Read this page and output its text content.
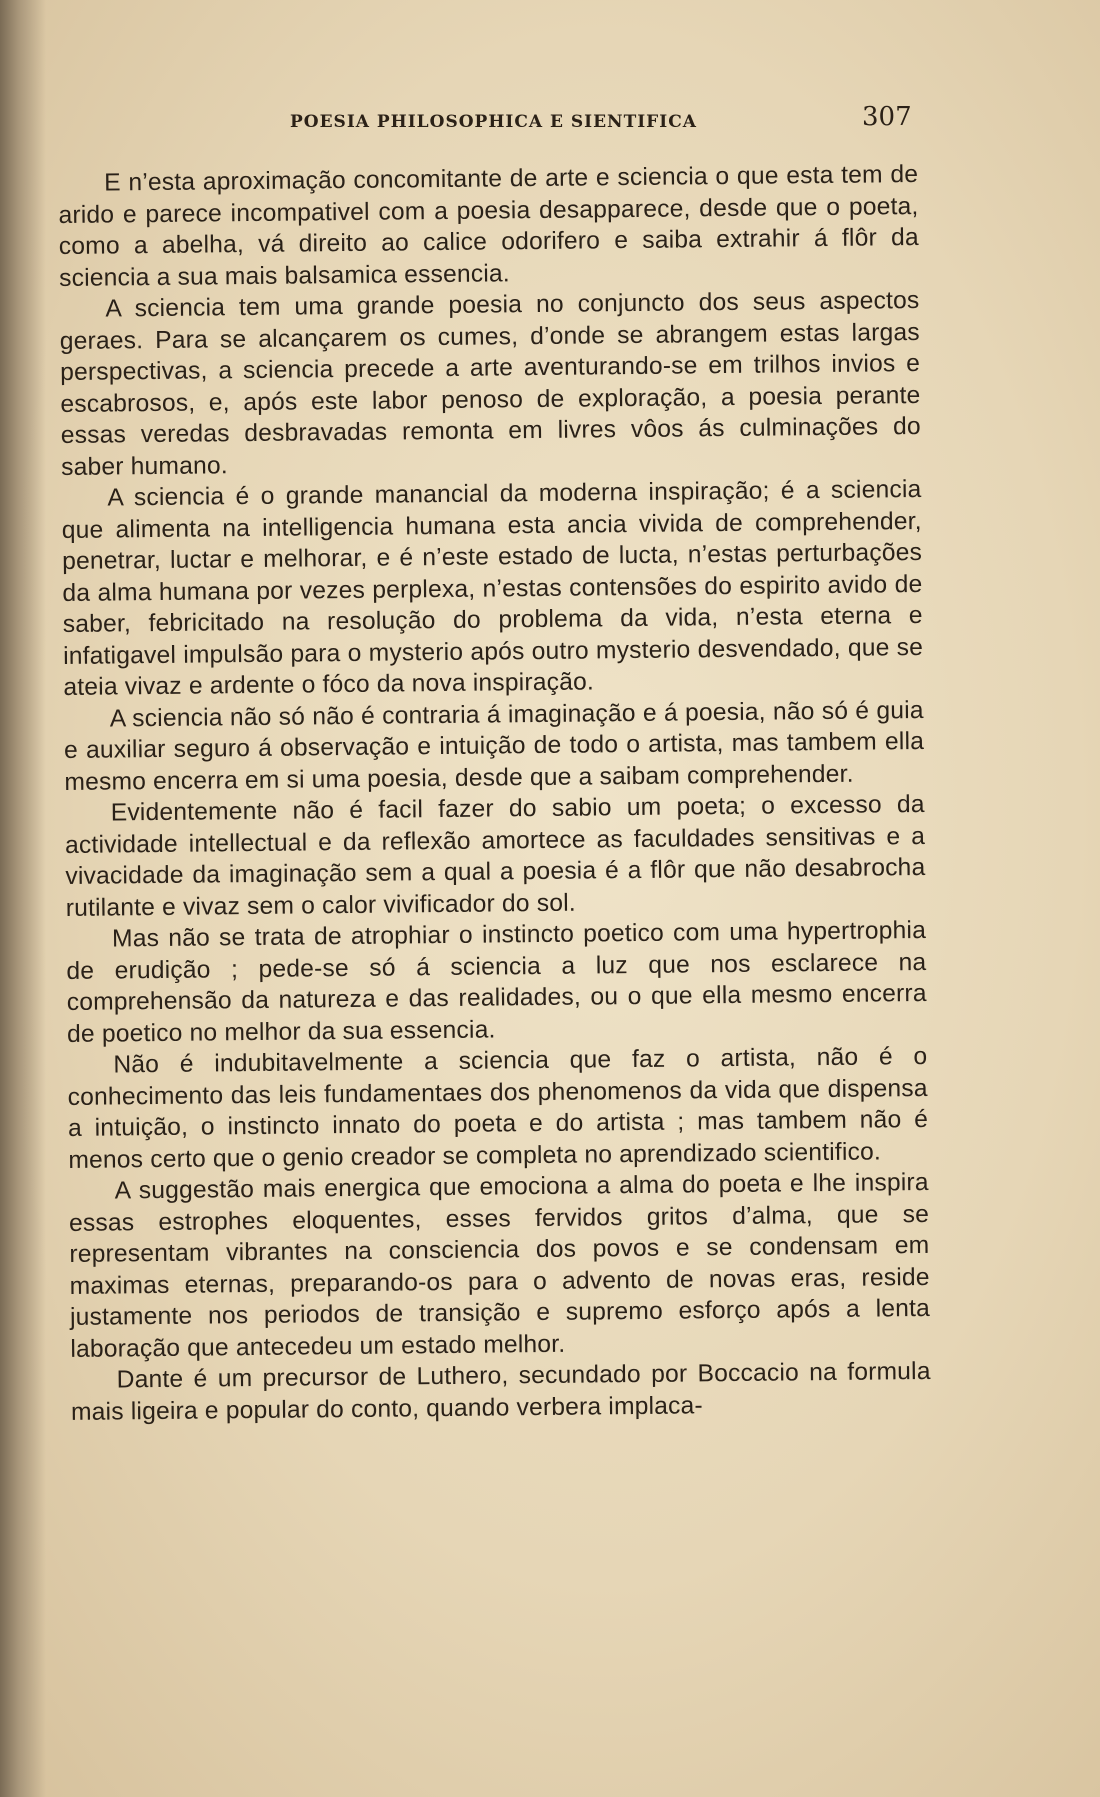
POESIA PHILOSOPHICA E SIENTIFICA	307

E n’esta aproximação concomitante de arte e sciencia o que esta tem de arido e parece incompativel com a poesia desapparece, desde que o poeta, como a abelha, vá direito ao calice odorifero e saiba extrahir á flôr da sciencia a sua mais balsamica essencia.

A sciencia tem uma grande poesia no conjuncto dos seus aspectos geraes. Para se alcançarem os cumes, d’onde se abrangem estas largas perspectivas, a sciencia precede a arte aventurando-se em trilhos invios e escabrosos, e, após este labor penoso de exploração, a poesia perante essas veredas desbravadas remonta em livres vôos ás culminações do saber humano.

A sciencia é o grande manancial da moderna inspiração; é a sciencia que alimenta na intelligencia humana esta ancia vivida de comprehender, penetrar, luctar e melhorar, e é n’este estado de lucta, n’estas perturbações da alma humana por vezes perplexa, n’estas contensões do espirito avido de saber, febricitado na resolução do problema da vida, n’esta eterna e infatigavel impulsão para o mysterio após outro mysterio desvendado, que se ateia vivaz e ardente o fóco da nova inspiração.

A sciencia não só não é contraria á imaginação e á poesia, não só é guia e auxiliar seguro á observação e intuição de todo o artista, mas tambem ella mesmo encerra em si uma poesia, desde que a saibam comprehender.

Evidentemente não é facil fazer do sabio um poeta; o excesso da actividade intellectual e da reflexão amortece as faculdades sensitivas e a vivacidade da imaginação sem a qual a poesia é a flôr que não desabrocha rutilante e vivaz sem o calor vivificador do sol.

Mas não se trata de atrophiar o instincto poetico com uma hypertrophia de erudição ; pede-se só á sciencia a luz que nos esclarece na comprehensão da natureza e das realidades, ou o que ella mesmo encerra de poetico no melhor da sua essencia.

Não é indubitavelmente a sciencia que faz o artista, não é o conhecimento das leis fundamentaes dos phenomenos da vida que dispensa a intuição, o instincto innato do poeta e do artista ; mas tambem não é menos certo que o genio creador se completa no aprendizado scientifico.

A suggestão mais energica que emociona a alma do poeta e lhe inspira essas estrophes eloquentes, esses fervidos gritos d’alma, que se representam vibrantes na consciencia dos povos e se condensam em maximas eternas, preparando-os para o advento de novas eras, reside justamente nos periodos de transição e supremo esforço após a lenta laboração que antecedeu um estado melhor.

Dante é um precursor de Luthero, secundado por Boccacio na formula mais ligeira e popular do conto, quando verbera implaca-
